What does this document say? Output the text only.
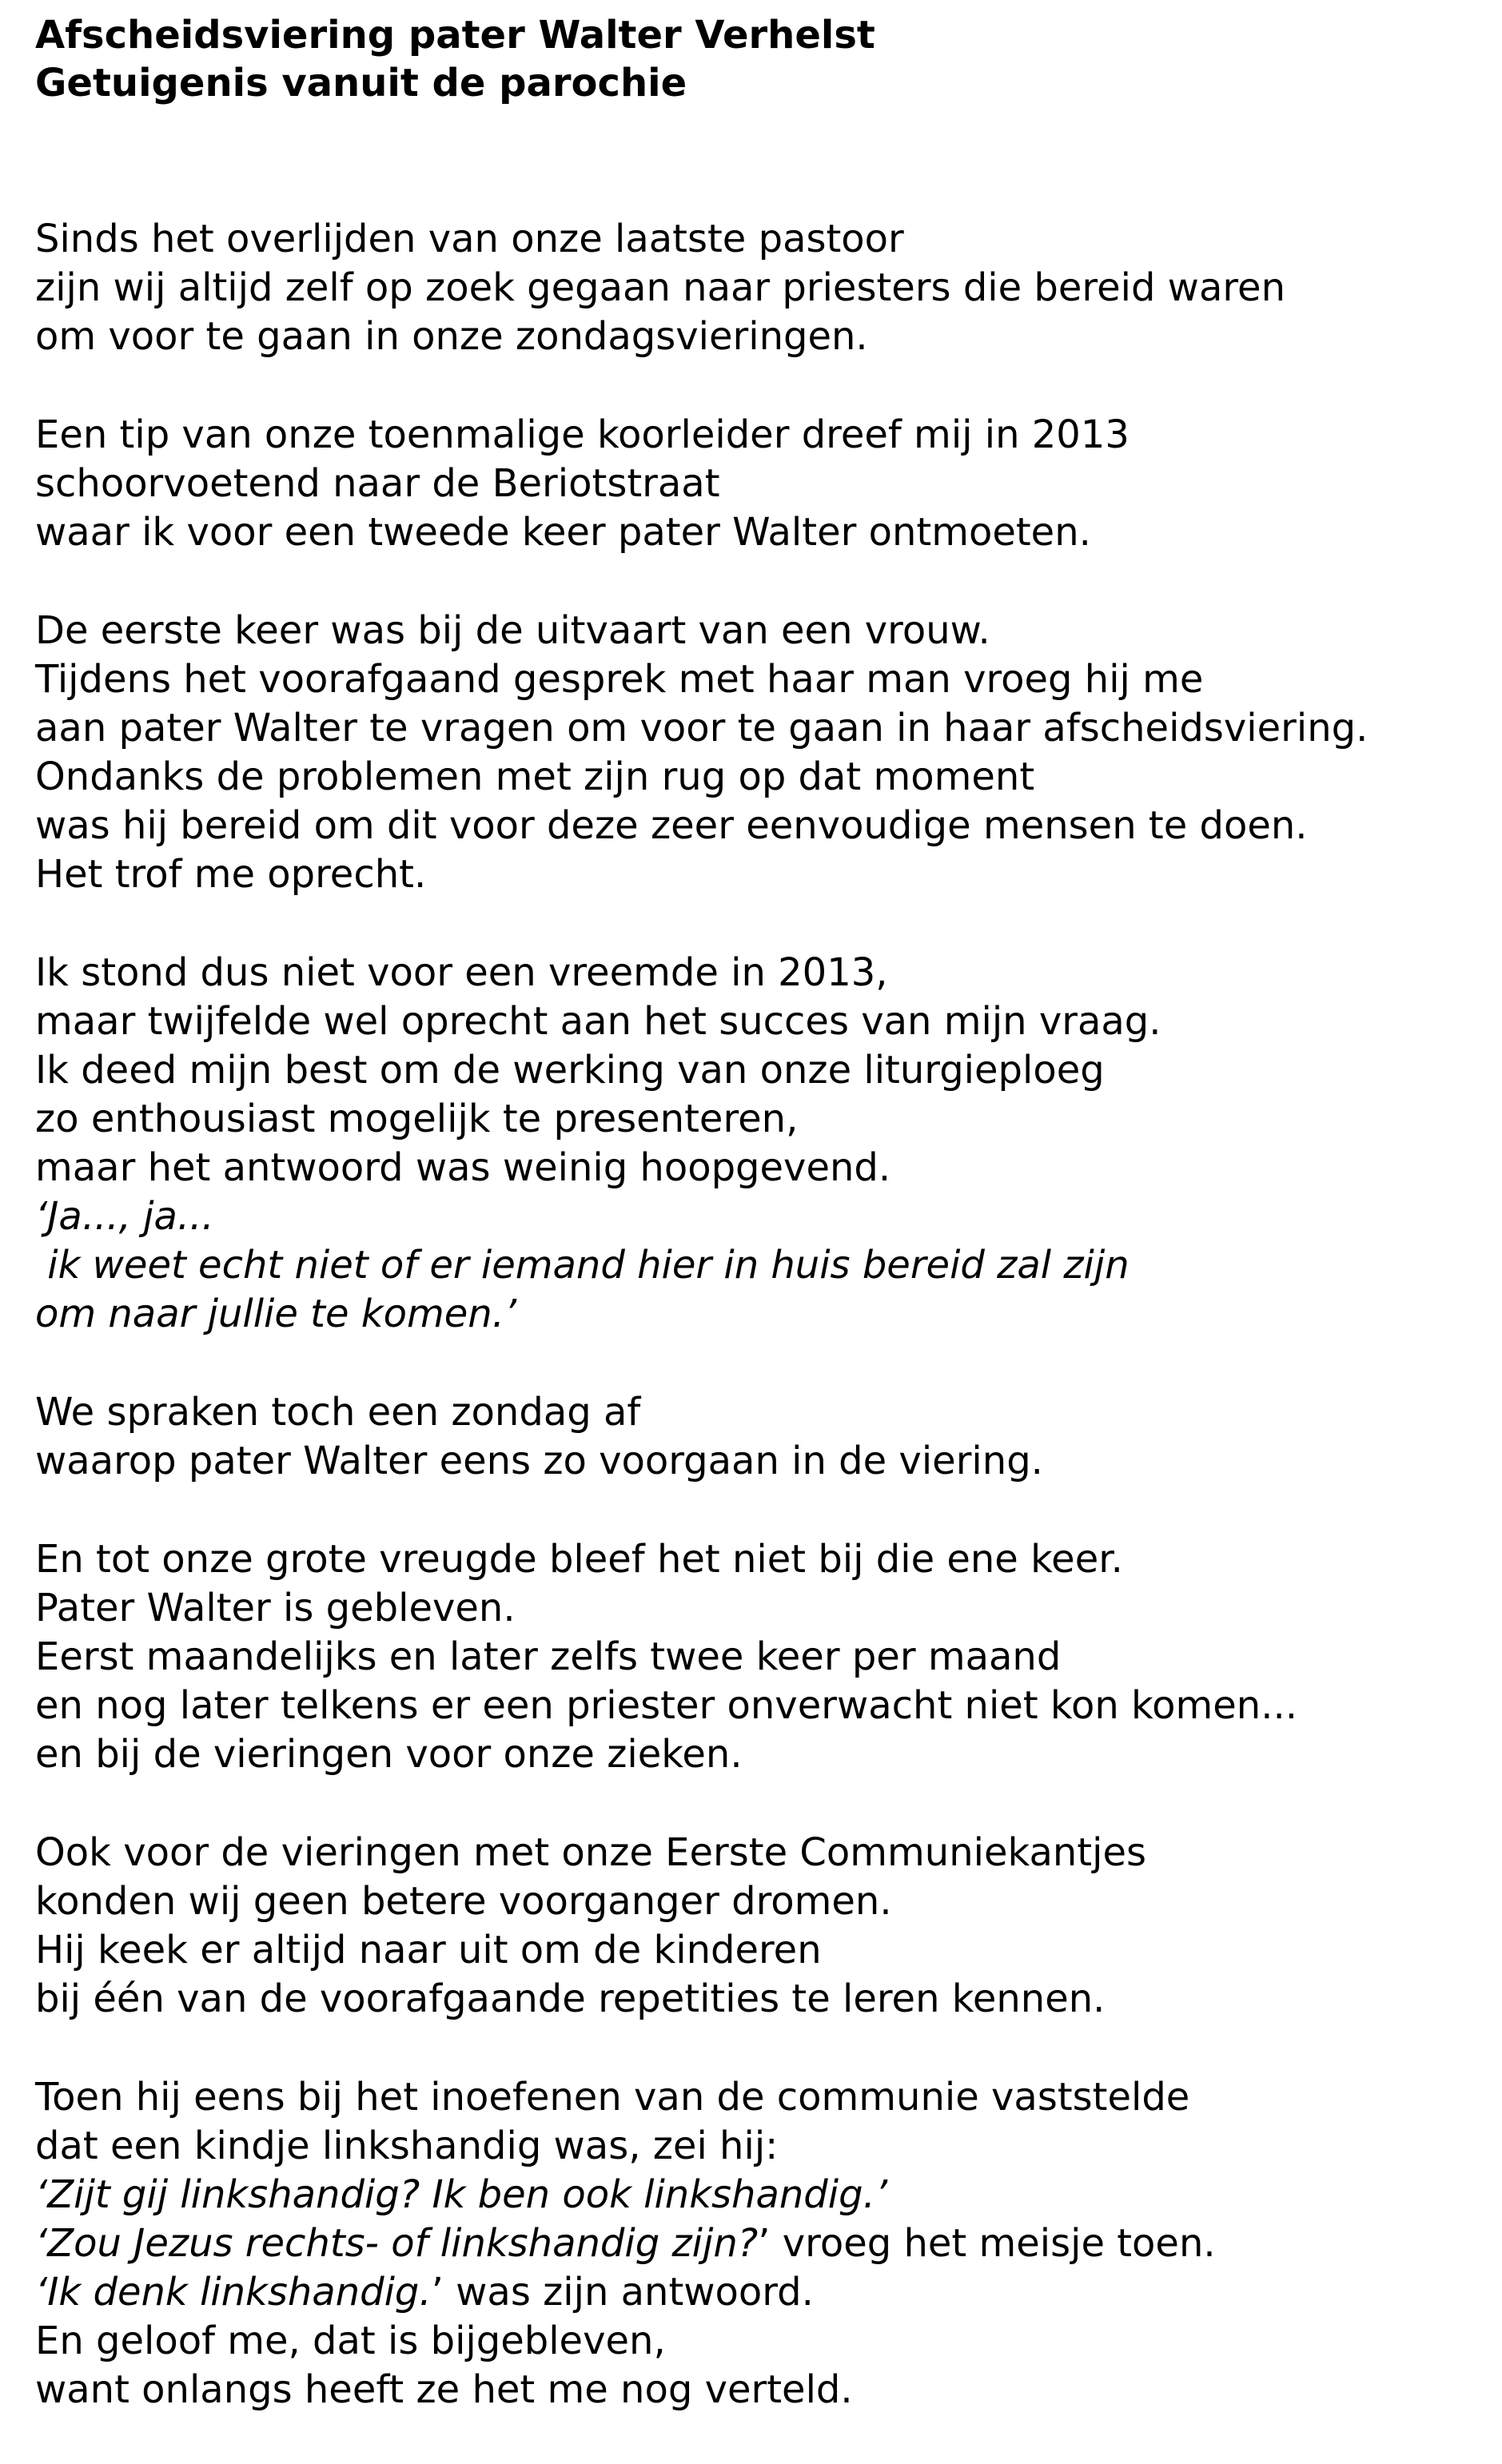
Afscheidsviering pater Walter Verhelst
Getuigenis vanuit de parochie
Sinds het overlijden van onze laatste pastoor
zijn wij altijd zelf op zoek gegaan naar priesters die bereid waren
om voor te gaan in onze zondagsvieringen.
Een tip van onze toenmalige koorleider dreef mij in 2013
schoorvoetend naar de Beriotstraat
waar ik voor een tweede keer pater Walter ontmoeten.
De eerste keer was bij de uitvaart van een vrouw.
Tijdens het voorafgaand gesprek met haar man vroeg hij me
aan pater Walter te vragen om voor te gaan in haar afscheidsviering.
Ondanks de problemen met zijn rug op dat moment
was hij bereid om dit voor deze zeer eenvoudige mensen te doen.
Het trof me oprecht.
Ik stond dus niet voor een vreemde in 2013,
maar twijfelde wel oprecht aan het succes van mijn vraag.
Ik deed mijn best om de werking van onze liturgieploeg
zo enthousiast mogelijk te presenteren,
maar het antwoord was weinig hoopgevend.
‘Ja..., ja...
ik weet echt niet of er iemand hier in huis bereid zal zijn
om naar jullie te komen.’
We spraken toch een zondag af
waarop pater Walter eens zo voorgaan in de viering.
En tot onze grote vreugde bleef het niet bij die ene keer.
Pater Walter is gebleven.
Eerst maandelijks en later zelfs twee keer per maand
en nog later telkens er een priester onverwacht niet kon komen...
en bij de vieringen voor onze zieken.
Ook voor de vieringen met onze Eerste Communiekantjes
konden wij geen betere voorganger dromen.
Hij keek er altijd naar uit om de kinderen
bij één van de voorafgaande repetities te leren kennen.
Toen hij eens bij het inoefenen van de communie vaststelde
dat een kindje linkshandig was, zei hij:
‘Zijt gij linkshandig? Ik ben ook linkshandig.’
‘Zou Jezus rechts- of linkshandig zijn?’ vroeg het meisje toen.
‘Ik denk linkshandig.’ was zijn antwoord.
En geloof me, dat is bijgebleven,
want onlangs heeft ze het me nog verteld.
